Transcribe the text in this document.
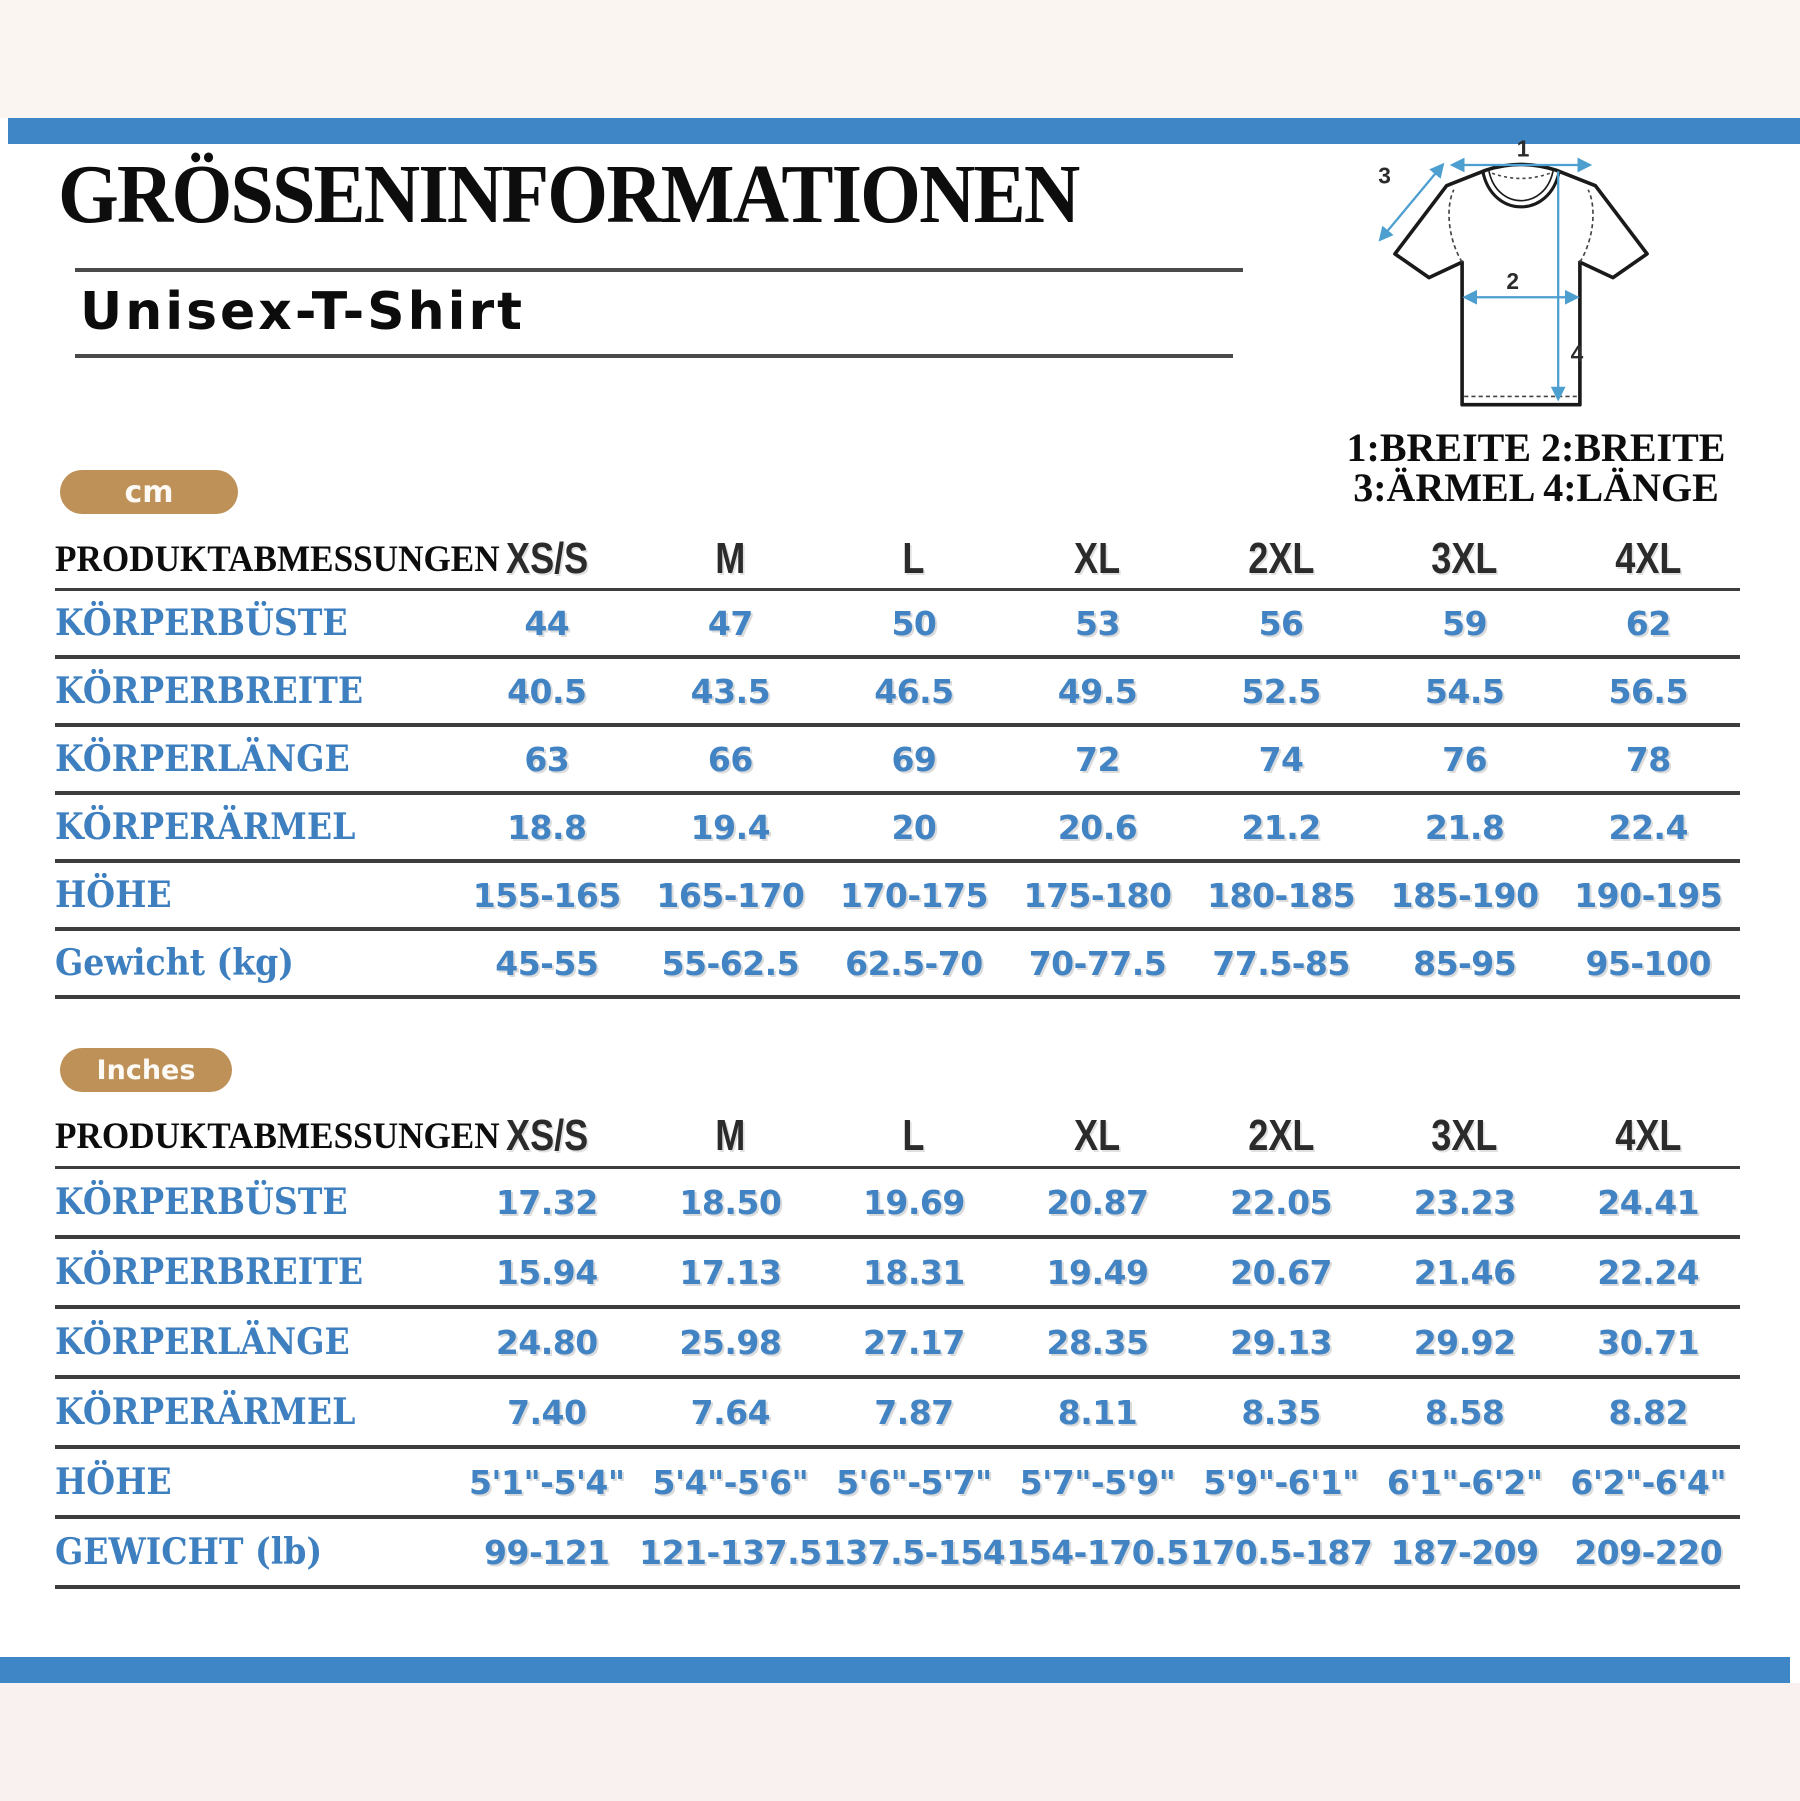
GRÖSSENINFORMATIONEN
Unisex-T-Shirt
1
2
3
4
1:BREITE 2:BREITE
3:ÄRMEL 4:LÄNGE
cm
PRODUKTABMESSUNGEN XS/S	M	L	XL	2XL	3XL	4XL
KÖRPERBÜSTE	44	47	50	53	56	59	62
KÖRPERBREITE	40.5	43.5	46.5	49.5	52.5	54.5	56.5
KÖRPERLÄNGE	63	66	69	72	74	76	78
KÖRPERÄRMEL	18.8	19.4	20	20.6	21.2	21.8	22.4
HÖHE	155-165	165-170	170-175	175-180	180-185	185-190	190-195
Gewicht (kg)	45-55	55-62.5	62.5-70	70-77.5	77.5-85	85-95	95-100
Inches
PRODUKTABMESSUNGEN XS/S	M	L	XL	2XL	3XL	4XL
KÖRPERBÜSTE	17.32	18.50	19.69	20.87	22.05	23.23	24.41
KÖRPERBREITE	15.94	17.13	18.31	19.49	20.67	21.46	22.24
KÖRPERLÄNGE	24.80	25.98	27.17	28.35	29.13	29.92	30.71
KÖRPERÄRMEL	7.40	7.64	7.87	8.11	8.35	8.58	8.82
HÖHE	5'1"-5'4" 5'4"-5'6" 5'6"-5'7" 5'7"-5'9" 5'9"-6'1" 6'1"-6'2" 6'2"-6'4"
GEWICHT (lb)	99-121 121-137.5 137.5-154 154-170.5 170.5-187 187-209	209-220
